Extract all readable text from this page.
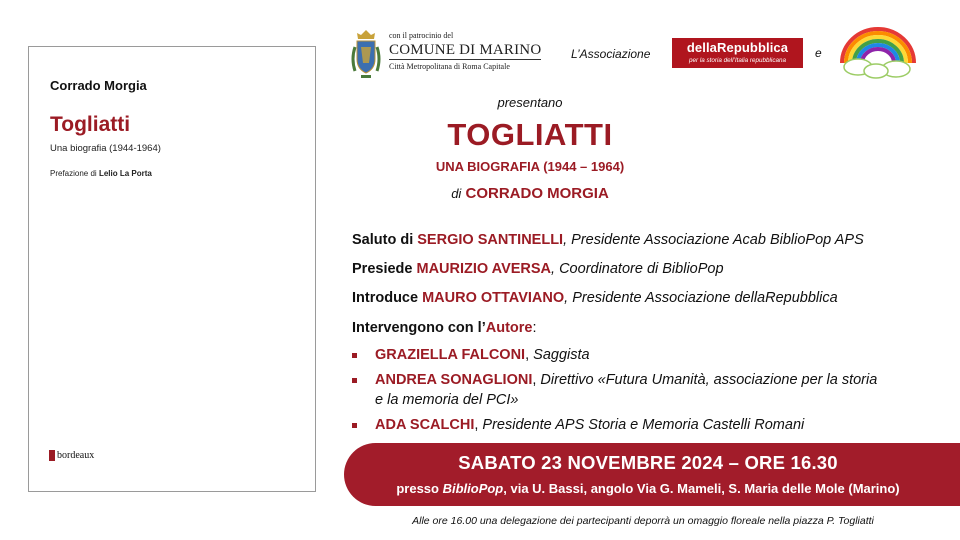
Corrado Morgia
Togliatti
Una biografia (1944-1964)
Prefazione di Lelio La Porta
bordeaux
con il patrocinio del
COMUNE DI MARINO
Città Metropolitana di Roma Capitale
L’Associazione	dellaRepubblica
per la storia dell’Italia repubblicana
e
presentano
TOGLIATTI
UNA BIOGRAFIA (1944 – 1964)
di CORRADO MORGIA
Saluto di SERGIO SANTINELLI, Presidente Associazione Acab BiblioPop APS
Presiede MAURIZIO AVERSA, Coordinatore di BiblioPop
Introduce MAURO OTTAVIANO, Presidente Associazione dellaRepubblica
Intervengono con l’Autore:
GRAZIELLA FALCONI, Saggista
ANDREA SONAGLIONI, Direttivo «Futura Umanità, associazione per la storia
e la memoria del PCI»
ADA SCALCHI, Presidente APS Storia e Memoria Castelli Romani
SABATO 23 NOVEMBRE 2024 – ORE 16.30
presso BiblioPop, via U. Bassi, angolo Via G. Mameli, S. Maria delle Mole (Marino)
Alle ore 16.00 una delegazione dei partecipanti deporrà un omaggio floreale nella piazza P. Togliatti
